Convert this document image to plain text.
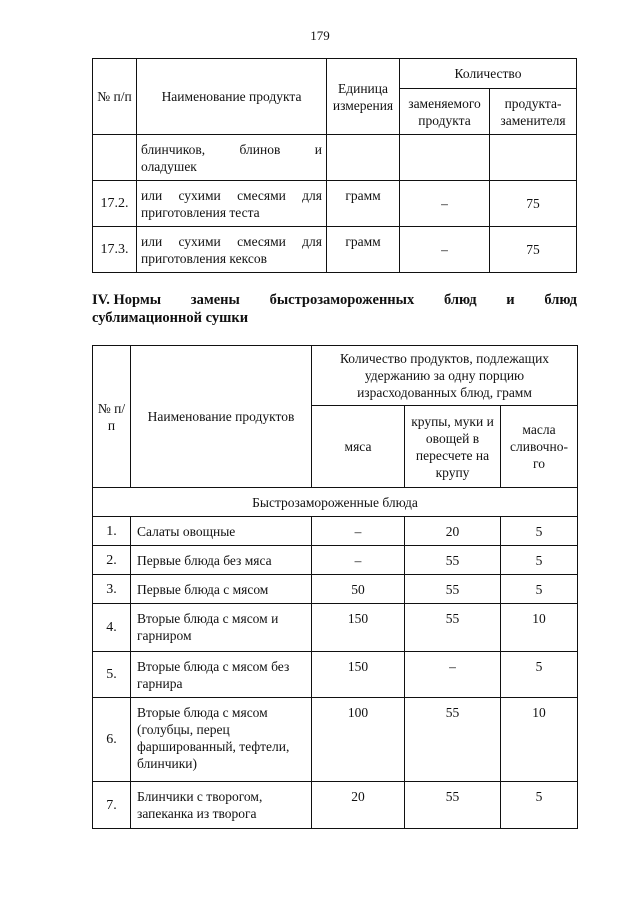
179
№ п/п	Наименование продукта	Единица измерения	Количество	
			заменяемого продукта	продукта-заменителя

	блинчиков, блинов и
оладушек			

17.2.	или сухими смесями для
приготовления теста	грамм	–	75
17.3.	или сухими смесями для
приготовления кексов	грамм	–	75
IV. Нормы замены быстрозамороженных блюд и блюд
сублимационной сушки
№ п/п	Наименование продуктов	Количество продуктов, подлежащих удержанию за одну порцию израсходованных блюд, грамм		
		мяса	крупы, муки и овощей в пересчете на крупу	масла сливочно-го
Быстрозамороженные блюда				
1.	Салаты овощные	–	20	5
2.	Первые блюда без мяса	–	55	5
3.	Первые блюда с мясом	50	55	5
4.	Вторые блюда с мясом и гарниром	150	55	10
5.	Вторые блюда с мясом без гарнира	150	–	5
6.	Вторые блюда с мясом (голубцы, перец фаршированный, тефтели, блинчики)	100	55	10
7.	Блинчики с творогом, запеканка из творога	20	55	5
